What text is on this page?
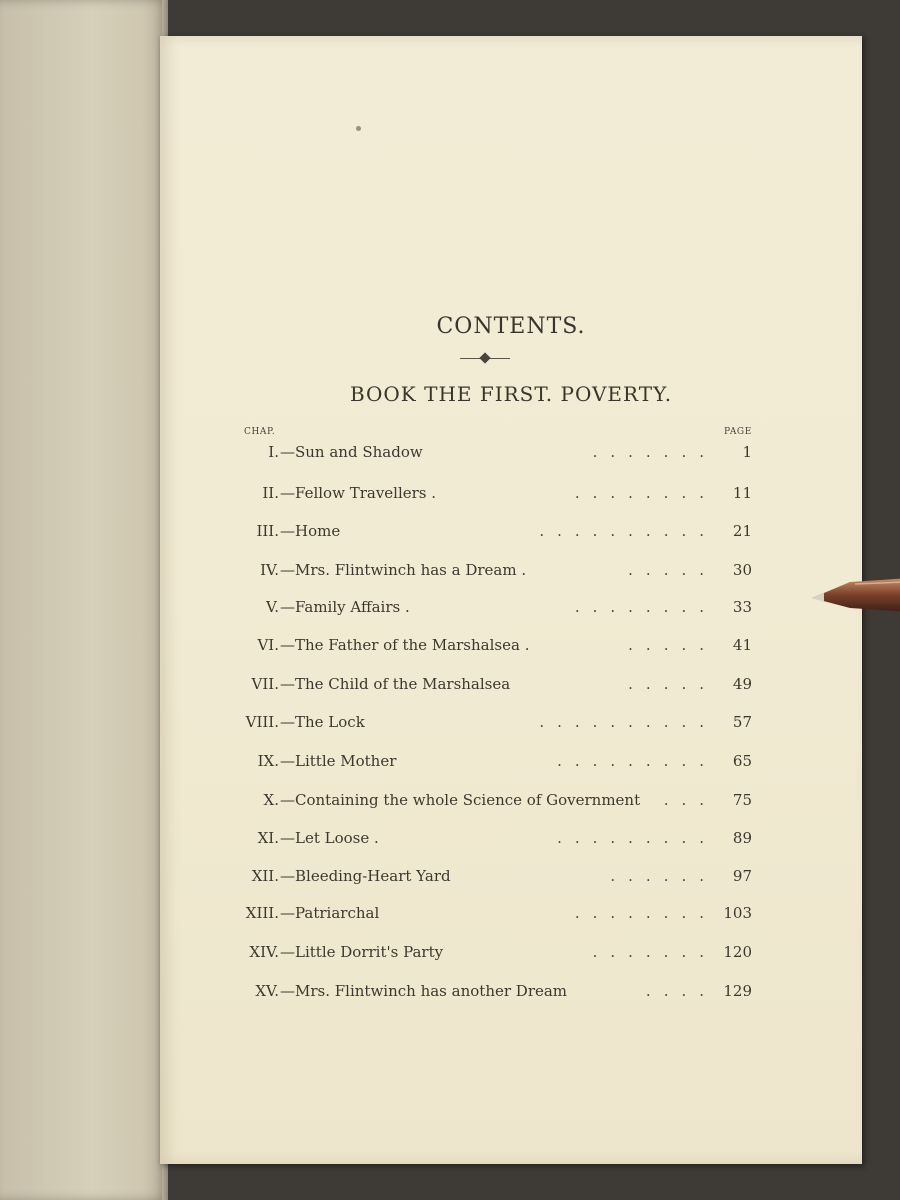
CONTENTS.
BOOK THE FIRST. POVERTY.
CHAP.	PAGE
I. —Sun and Shadow	....... 1
II. —Fellow Travellers .	........ 11
III. —Home	.......... 21
IV. —Mrs. Flintwinch has a Dream .	..... 30
V. —Family Affairs .	........ 33
VI. —The Father of the Marshalsea .	..... 41
VII. —The Child of the Marshalsea	..... 49
VIII. —The Lock	.......... 57
IX. —Little Mother	......... 65
X. —Containing the whole Science of Government ... 75
XI. —Let Loose .	......... 89
XII. —Bleeding-Heart Yard	...... 97
XIII. —Patriarchal	........ 103
XIV. —Little Dorrit's Party	....... 120
XV. —Mrs. Flintwinch has another Dream	.... 129
